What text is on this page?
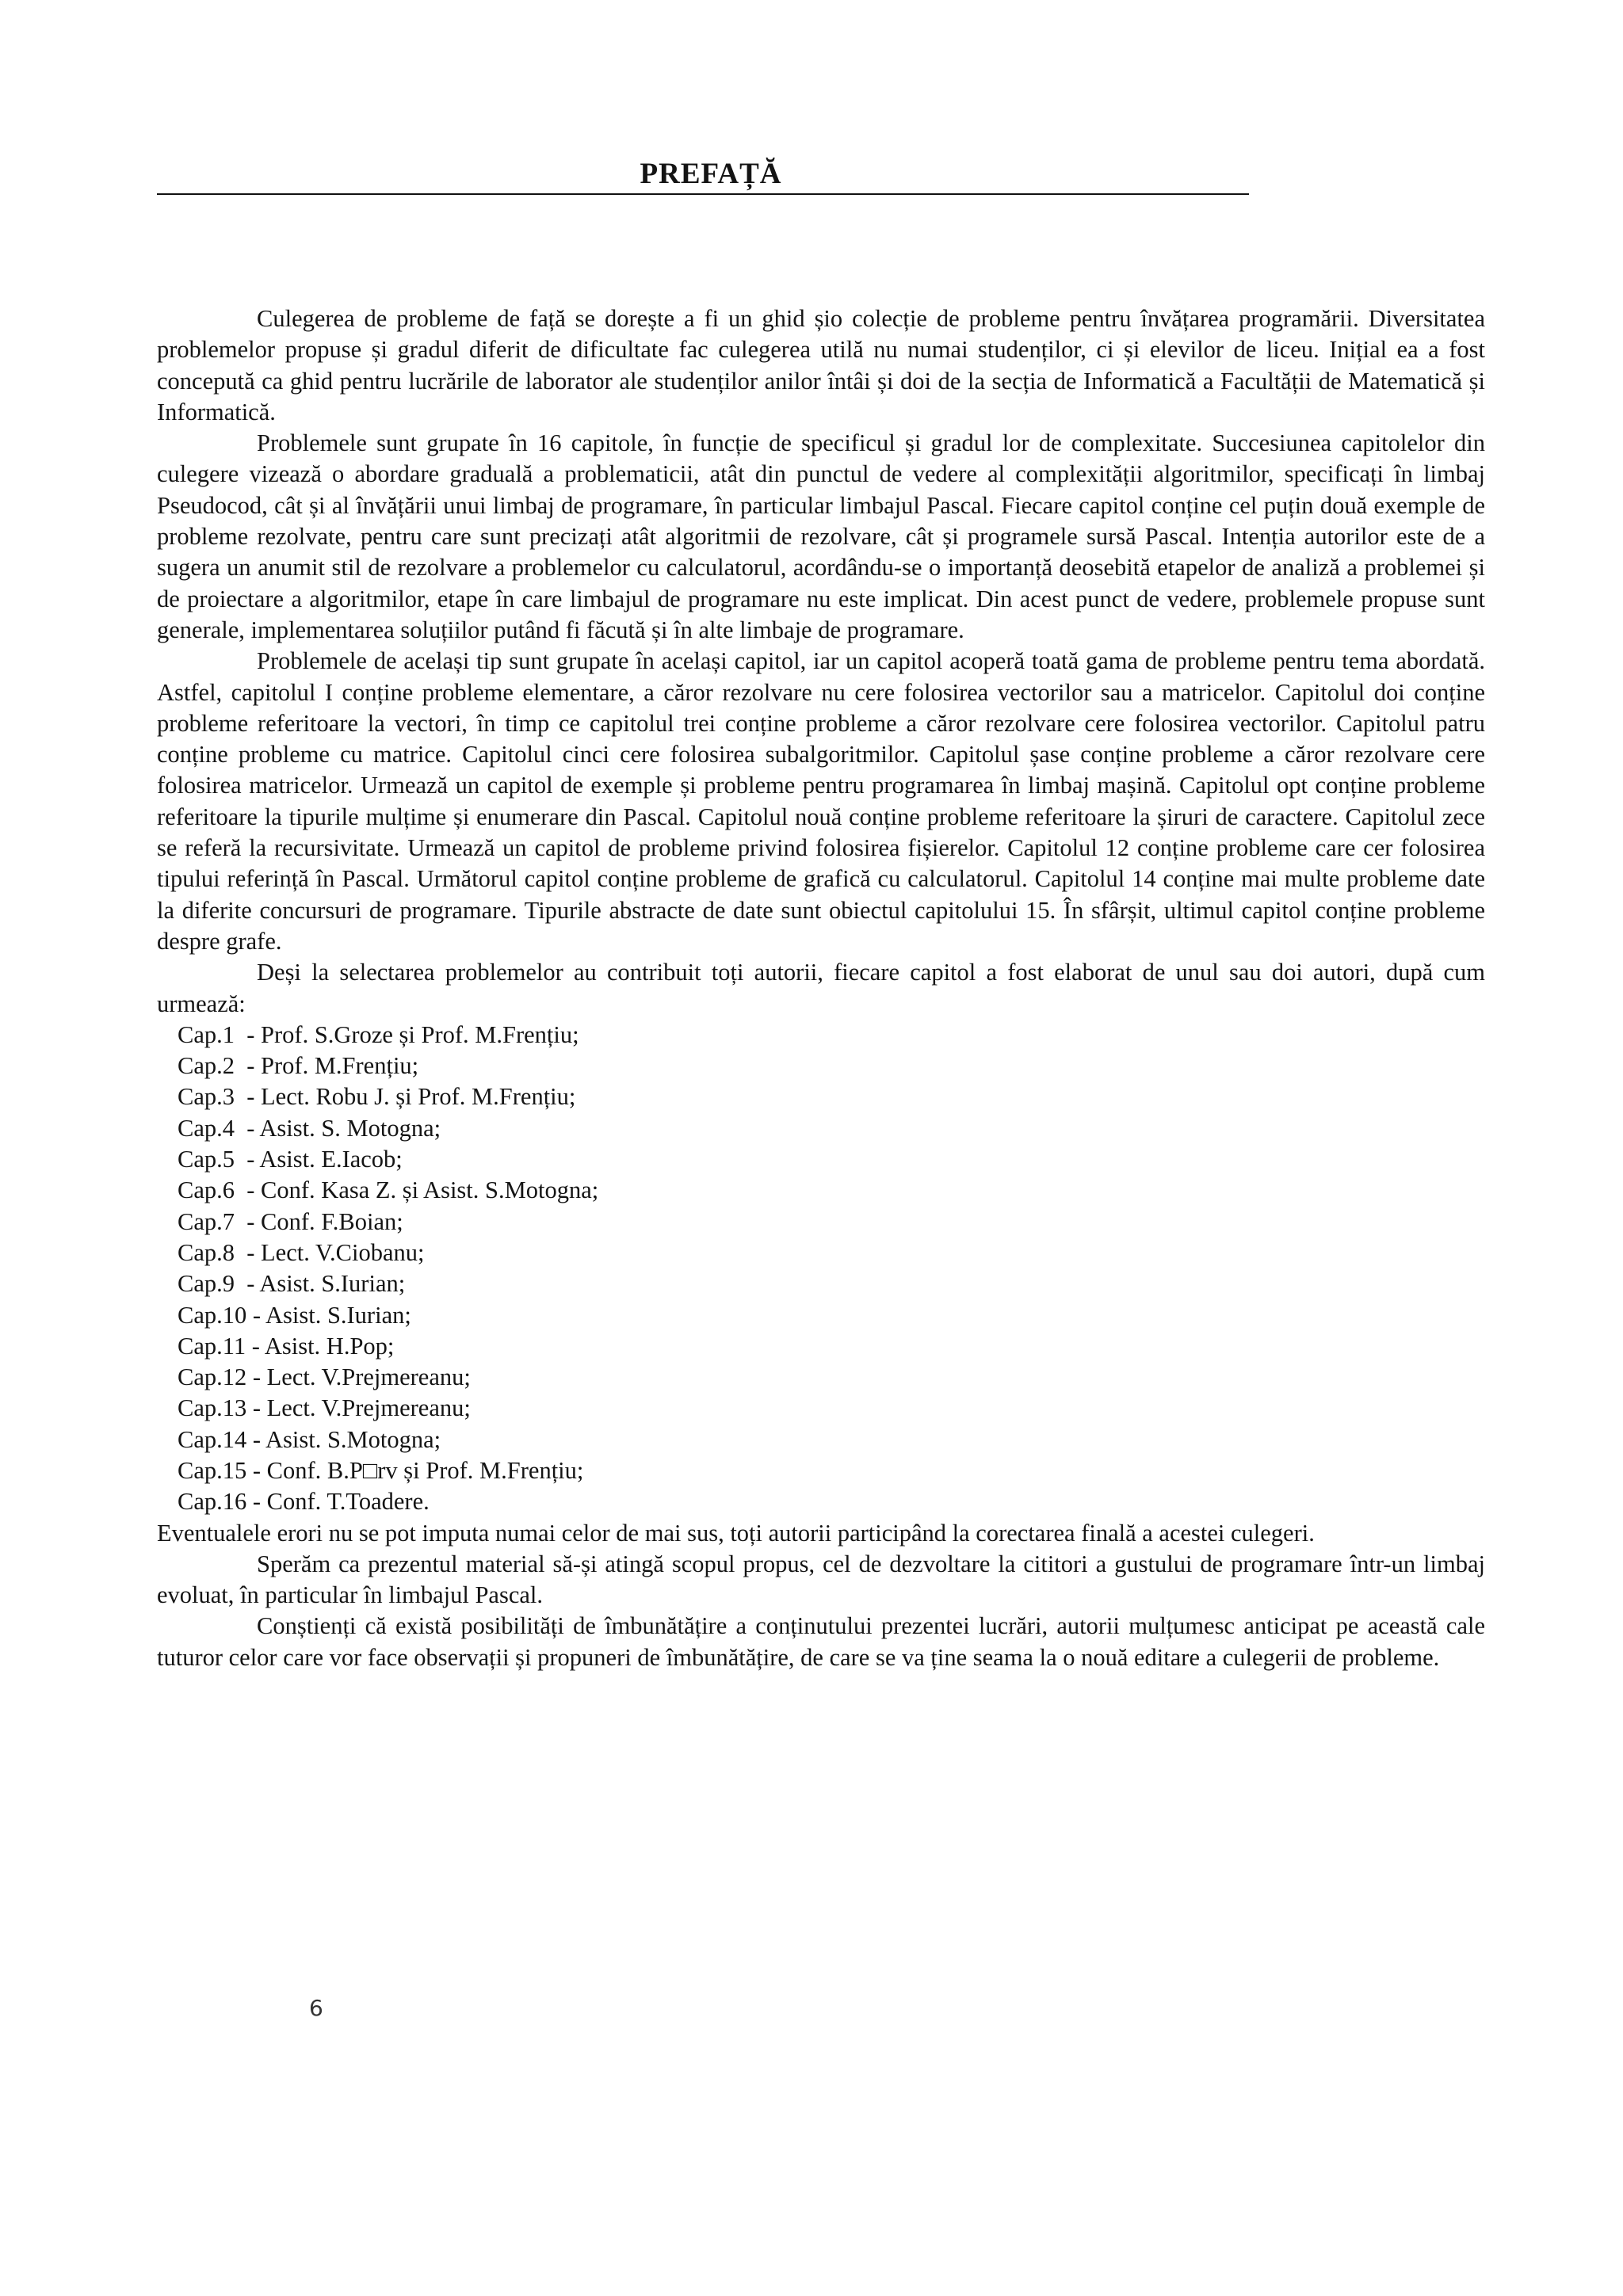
PREFAȚĂ

Culegerea de probleme de față se dorește a fi un ghid șio colecție de probleme pentru învățarea programării. Diversitatea problemelor propuse și gradul diferit de dificultate fac culegerea utilă nu numai studenților, ci și elevilor de liceu. Inițial ea a fost concepută ca ghid pentru lucrările de laborator ale studenților anilor întâi și doi de la secția de Informatică a Facultății de Matematică și Informatică.

Problemele sunt grupate în 16 capitole, în funcție de specificul și gradul lor de complexitate. Succesiunea capitolelor din culegere vizează o abordare graduală a problematicii, atât din punctul de vedere al complexității algoritmilor, specificați în limbaj Pseudocod, cât și al învățării unui limbaj de programare, în particular limbajul Pascal. Fiecare capitol conține cel puțin două exemple de probleme rezolvate, pentru care sunt precizați atât algoritmii de rezolvare, cât și programele sursă Pascal. Intenția autorilor este de a sugera un anumit stil de rezolvare a problemelor cu calculatorul, acordându-se o importanță deosebită etapelor de analiză a problemei și de proiectare a algoritmilor, etape în care limbajul de programare nu este implicat. Din acest punct de vedere, problemele propuse sunt generale, implementarea soluțiilor putând fi făcută și în alte limbaje de programare.

Problemele de același tip sunt grupate în același capitol, iar un capitol acoperă toată gama de probleme pentru tema abordată. Astfel, capitolul I conține probleme elementare, a căror rezolvare nu cere folosirea vectorilor sau a matricelor. Capitolul doi conține probleme referitoare la vectori, în timp ce capitolul trei conține probleme a căror rezolvare cere folosirea vectorilor. Capitolul patru conține probleme cu matrice. Capitolul cinci cere folosirea subalgoritmilor. Capitolul șase conține probleme a căror rezolvare cere folosirea matricelor. Urmează un capitol de exemple și probleme pentru programarea în limbaj mașină. Capitolul opt conține probleme referitoare la tipurile mulțime și enumerare din Pascal. Capitolul nouă conține probleme referitoare la șiruri de caractere. Capitolul zece se referă la recursivitate. Urmează un capitol de probleme privind folosirea fișierelor. Capitolul 12 conține probleme care cer folosirea tipului referință în Pascal. Următorul capitol conține probleme de grafică cu calculatorul. Capitolul 14 conține mai multe probleme date la diferite concursuri de programare. Tipurile abstracte de date sunt obiectul capitolului 15. În sfârșit, ultimul capitol conține probleme despre grafe.

Deși la selectarea problemelor au contribuit toți autorii, fiecare capitol a fost elaborat de unul sau doi autori, după cum urmează:

Cap.1  - Prof. S.Groze și Prof. M.Frențiu;
Cap.2  - Prof. M.Frențiu;
Cap.3  - Lect. Robu J. și Prof. M.Frențiu;
Cap.4  - Asist. S. Motogna;
Cap.5  - Asist. E.Iacob;
Cap.6  - Conf. Kasa Z. și Asist. S.Motogna;
Cap.7  - Conf. F.Boian;
Cap.8  - Lect. V.Ciobanu;
Cap.9  - Asist. S.Iurian;
Cap.10 - Asist. S.Iurian;
Cap.11 - Asist. H.Pop;
Cap.12 - Lect. V.Prejmereanu;
Cap.13 - Lect. V.Prejmereanu;
Cap.14 - Asist. S.Motogna;
Cap.15 - Conf. B.P□rv și Prof. M.Frențiu;
Cap.16 - Conf. T.Toadere.

Eventualele erori nu se pot imputa numai celor de mai sus, toți autorii participând la corectarea finală a acestei culegeri.

Sperăm ca prezentul material să-și atingă scopul propus, cel de dezvoltare la cititori a gustului de programare într-un limbaj evoluat, în particular în limbajul Pascal.

Conștienți că există posibilități de îmbunătățire a conținutului prezentei lucrări, autorii mulțumesc anticipat pe această cale tuturor celor care vor face observații și propuneri de îmbunătățire, de care se va ține seama la o nouă editare a culegerii de probleme.

6
